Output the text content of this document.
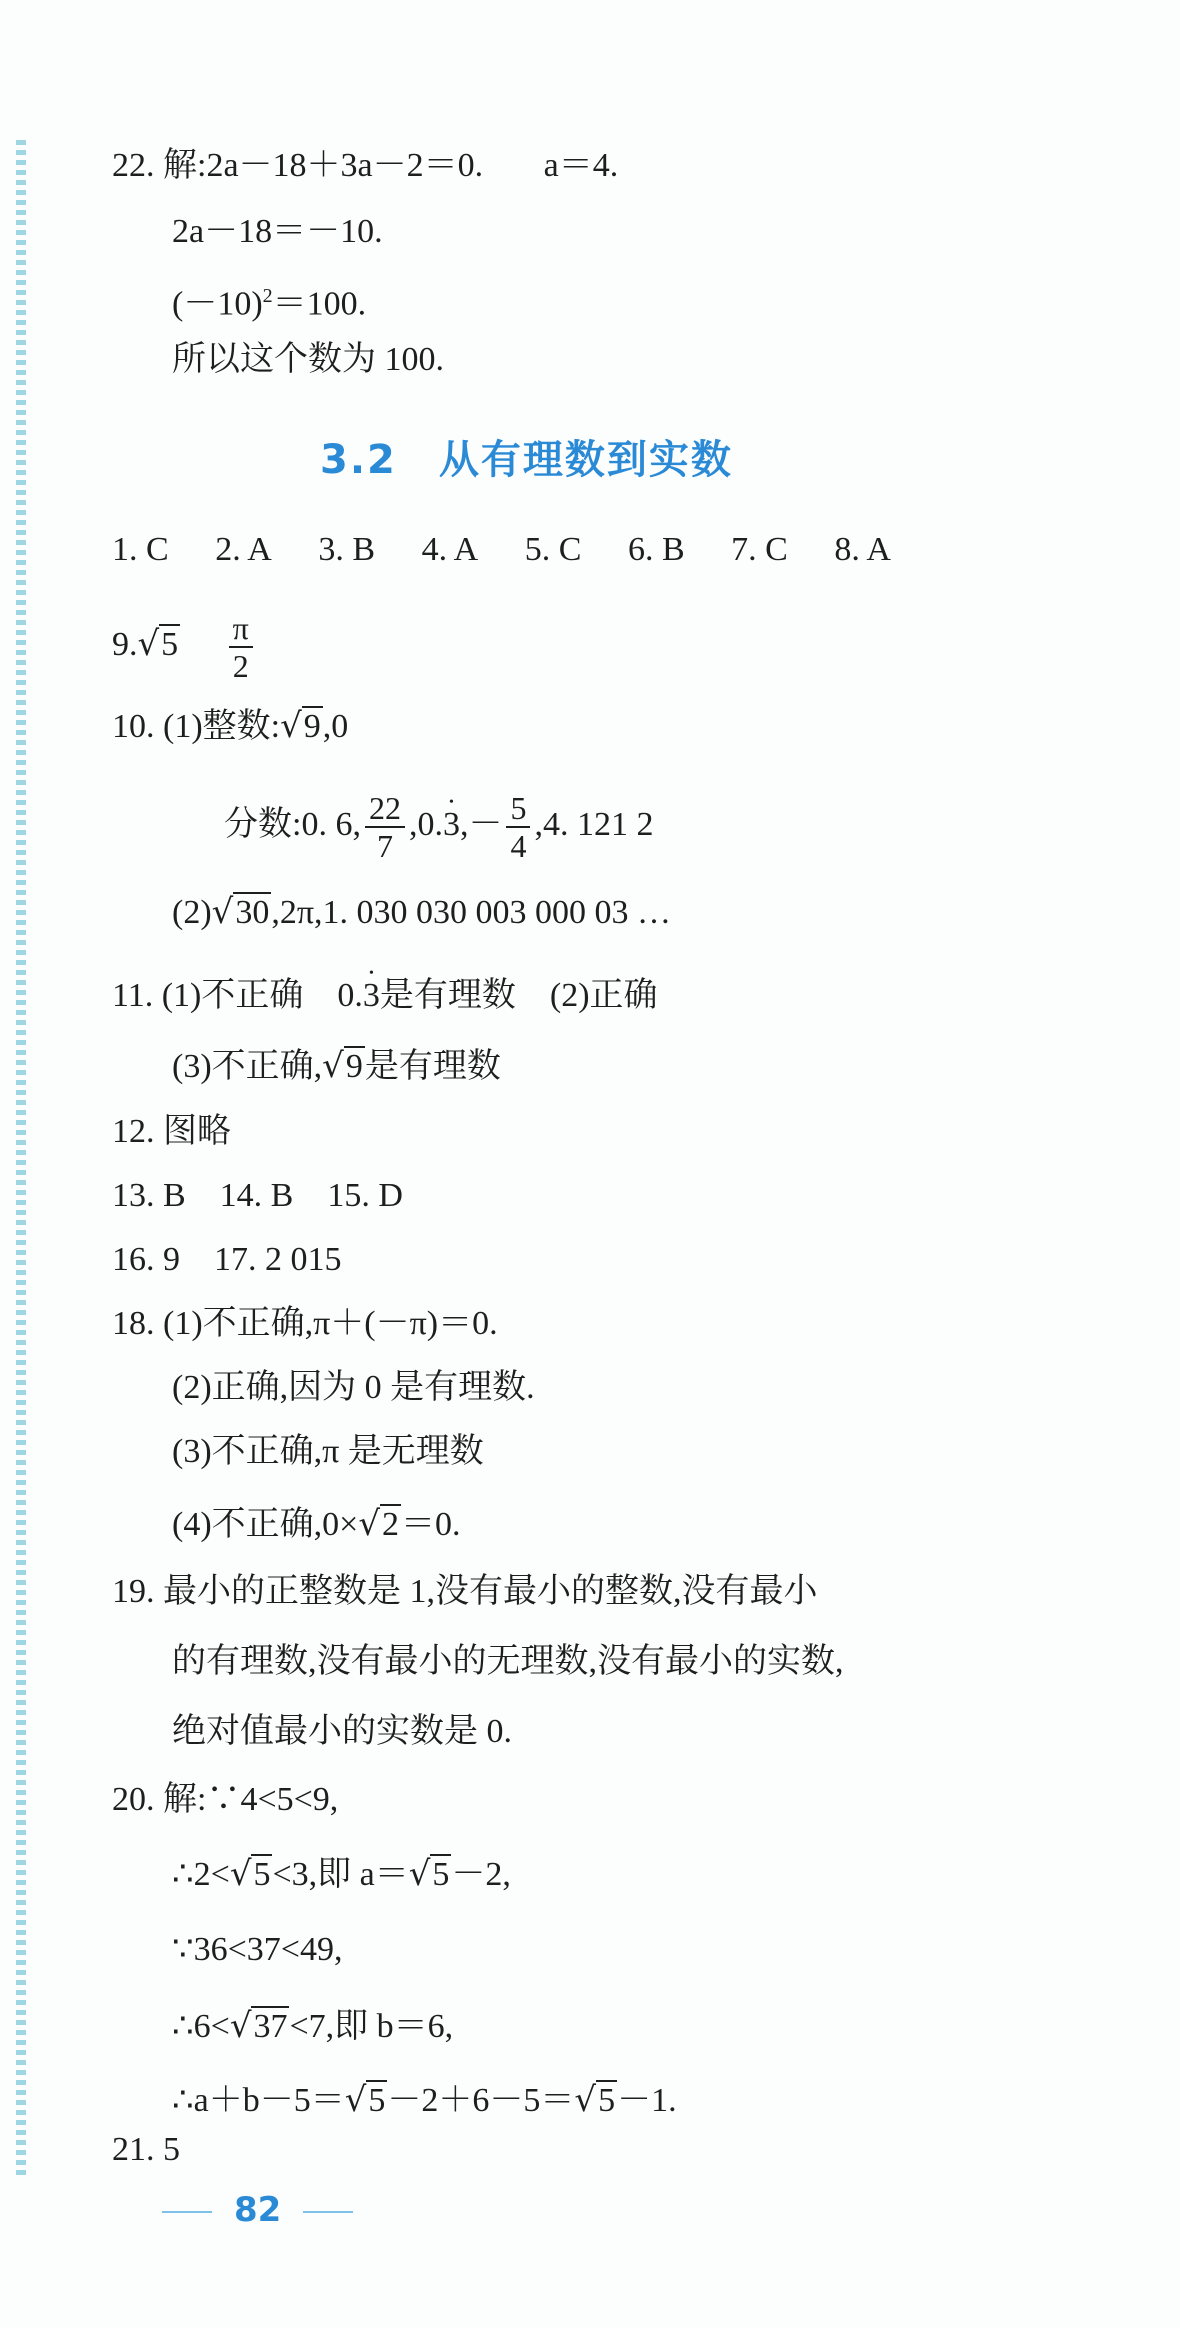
22. 解:2a－18＋3a－2＝0. a＝4.
2a－18＝－10.
$(-10)^2=100$.
所以这个数为 100.
3.2 从有理数到实数
1. C 2. A 3. B 4. A 5. C 6. B 7. C 8. A
$9.√5 \frac{\pi}{2}$
10. (1)整数:√9,0
分数:0. 6, $\frac{22}{7}$ ,0.• $3,- \frac{5}{4} ,4$. 121 2
(2)√30,2π,1. 030 030 003 000 03 …
11. (1)不正确　0.• 3是有理数　(2)正确
(3)不正确,√9是有理数
12. 图略
13. B　14. B　15. D
16. 9　17. 2 015
18. (1)不正确,π＋(－π)＝0.
(2)正确,因为 0 是有理数.
(3)不正确,π 是无理数
(4)不正确,0×√2＝0.
19. 最小的正整数是 1,没有最小的整数,没有最小
的有理数,没有最小的无理数,没有最小的实数,
绝对值最小的实数是 0.
20. 解:∵4<5<9,
∴2<√5<3,即 a＝√5－2,
∵36<37<49,
∴6<√37<7,即 b＝6,
∴a＋b－5＝√5－2＋6－5＝√5－1.
21. 5
82
